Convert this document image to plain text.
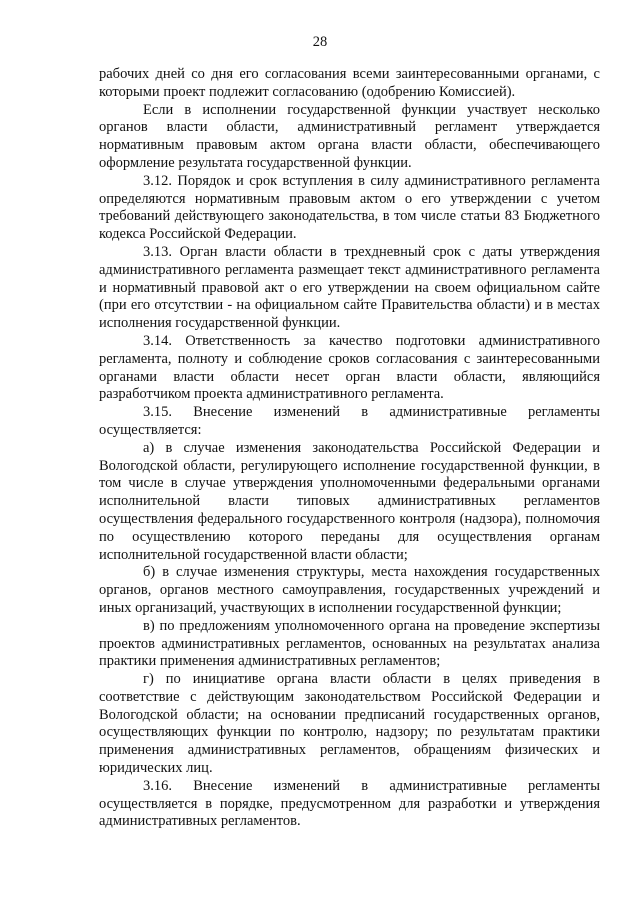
28

рабочих дней со дня его согласования всеми заинтересованными органами, с которыми проект подлежит согласованию (одобрению Комиссией).

Если в исполнении государственной функции участвует несколько органов власти области, административный регламент утверждается нормативным правовым актом органа власти области, обеспечивающего оформление результата государственной функции.

3.12. Порядок и срок вступления в силу административного регламента определяются нормативным правовым актом о его утверждении с учетом требований действующего законодательства, в том числе статьи 83 Бюджетного кодекса Российской Федерации.

3.13. Орган власти области в трехдневный срок с даты утверждения административного регламента размещает текст административного регламента и нормативный правовой акт о его утверждении на своем официальном сайте (при его отсутствии - на официальном сайте Правительства области) и в местах исполнения государственной функции.

3.14. Ответственность за качество подготовки административного регламента, полноту и соблюдение сроков согласования с заинтересованными органами власти области несет орган власти области, являющийся разработчиком проекта административного регламента.

3.15. Внесение изменений в административные регламенты осуществляется:

а) в случае изменения законодательства Российской Федерации и Вологодской области, регулирующего исполнение государственной функции, в том числе в случае утверждения уполномоченными федеральными органами исполнительной власти типовых административных регламентов осуществления федерального государственного контроля (надзора), полномочия по осуществлению которого переданы для осуществления органам исполнительной государственной власти области;

б) в случае изменения структуры, места нахождения государственных органов, органов местного самоуправления, государственных учреждений и иных организаций, участвующих в исполнении государственной функции;

в) по предложениям уполномоченного органа на проведение экспертизы проектов административных регламентов, основанных на результатах анализа практики применения административных регламентов;

г) по инициативе органа власти области в целях приведения в соответствие с действующим законодательством Российской Федерации и Вологодской области; на основании предписаний государственных органов, осуществляющих функции по контролю, надзору; по результатам практики применения административных регламентов, обращениям физических и юридических лиц.

3.16. Внесение изменений в административные регламенты осуществляется в порядке, предусмотренном для разработки и утверждения административных регламентов.
